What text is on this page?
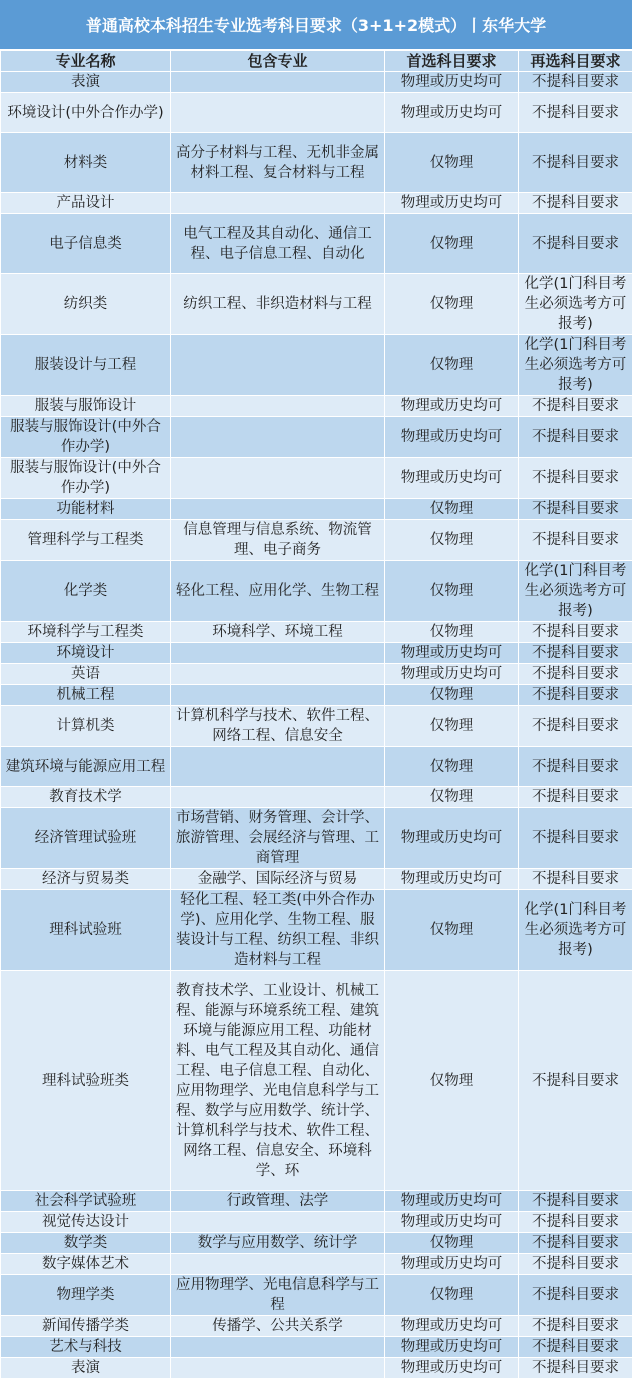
普通高校本科招生专业选考科目要求（3+1+2模式）丨东华大学
专业名称	包含专业	首选科目要求	再选科目要求
表演		物理或历史均可	不提科目要求
环境设计(中外合作办学)		物理或历史均可	不提科目要求
材料类	高分子材料与工程、无机非金属材料工程、复合材料与工程	仅物理	不提科目要求
产品设计		物理或历史均可	不提科目要求
电子信息类	电气工程及其自动化、通信工程、电子信息工程、自动化	仅物理	不提科目要求
纺织类	纺织工程、非织造材料与工程	仅物理	化学(1门科目考生必须选考方可报考)
服装设计与工程		仅物理	化学(1门科目考生必须选考方可报考)
服装与服饰设计		物理或历史均可	不提科目要求
服装与服饰设计(中外合作办学)		物理或历史均可	不提科目要求
服装与服饰设计(中外合作办学)		物理或历史均可	不提科目要求
功能材料		仅物理	不提科目要求
管理科学与工程类	信息管理与信息系统、物流管理、电子商务	仅物理	不提科目要求
化学类	轻化工程、应用化学、生物工程	仅物理	化学(1门科目考生必须选考方可报考)
环境科学与工程类	环境科学、环境工程	仅物理	不提科目要求
环境设计		物理或历史均可	不提科目要求
英语		物理或历史均可	不提科目要求
机械工程		仅物理	不提科目要求
计算机类	计算机科学与技术、软件工程、网络工程、信息安全	仅物理	不提科目要求
建筑环境与能源应用工程		仅物理	不提科目要求
教育技术学		仅物理	不提科目要求
经济管理试验班	市场营销、财务管理、会计学、旅游管理、会展经济与管理、工商管理	物理或历史均可	不提科目要求
经济与贸易类	金融学、国际经济与贸易	物理或历史均可	不提科目要求
理科试验班	轻化工程、轻工类(中外合作办学)、应用化学、生物工程、服装设计与工程、纺织工程、非织造材料与工程	仅物理	化学(1门科目考生必须选考方可报考)
理科试验班类	教育技术学、工业设计、机械工程、能源与环境系统工程、建筑环境与能源应用工程、功能材料、电气工程及其自动化、通信工程、电子信息工程、自动化、应用物理学、光电信息科学与工程、数学与应用数学、统计学、计算机科学与技术、软件工程、网络工程、信息安全、环境科学、环	仅物理	不提科目要求
社会科学试验班	行政管理、法学	物理或历史均可	不提科目要求
视觉传达设计		物理或历史均可	不提科目要求
数学类	数学与应用数学、统计学	仅物理	不提科目要求
数字媒体艺术		物理或历史均可	不提科目要求
物理学类	应用物理学、光电信息科学与工程	仅物理	不提科目要求
新闻传播学类	传播学、公共关系学	物理或历史均可	不提科目要求
艺术与科技		物理或历史均可	不提科目要求
表演		物理或历史均可	不提科目要求
